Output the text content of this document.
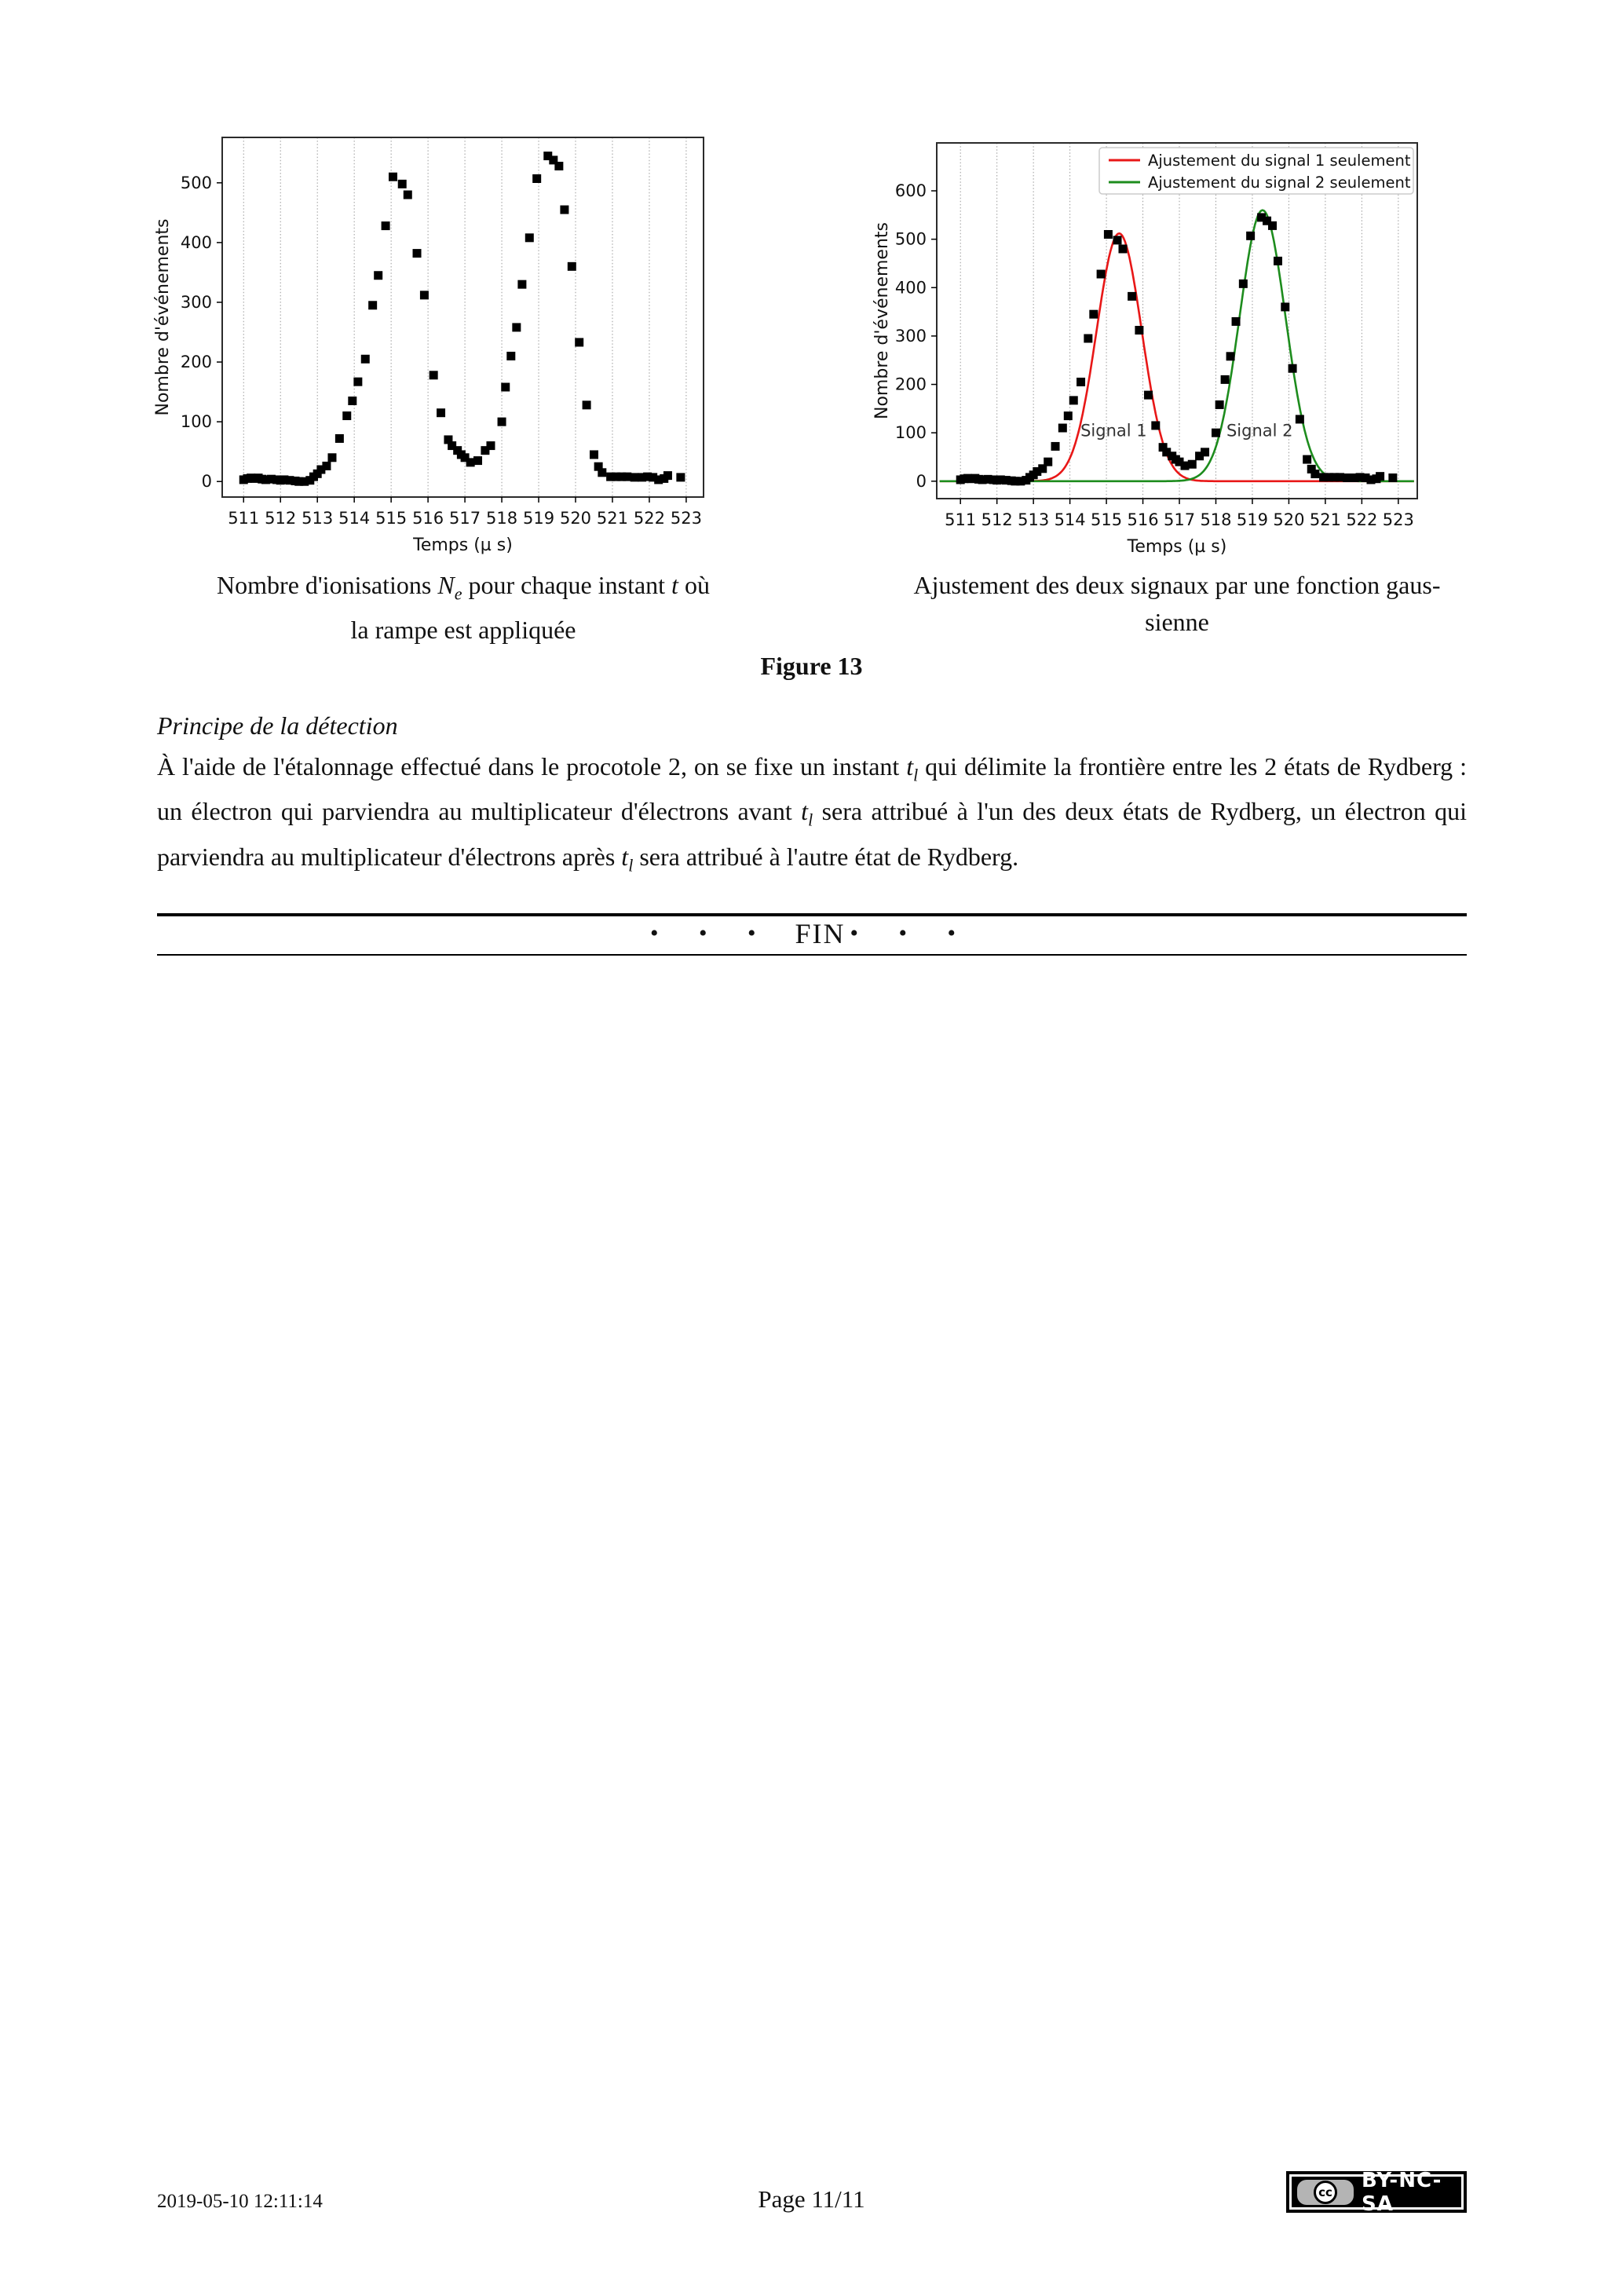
511 512 513 514 515 516 517 518 519 520 521 522 523
0
100
200
300
400
500
Temps (µ s)
Nombre d'événements
511 512 513 514 515 516 517 518 519 520 521 522 523
0
100
200
300
400
500
600
Temps (µ s)
Nombre d'événements
Signal 1	Signal 2
Ajustement du signal 1 seulement
Ajustement du signal 2 seulement
Nombre d'ionisations $N_e$ pour chaque instant t où
la rampe est appliquée
Ajustement des deux signaux par une fonction gaus-
sienne
Figure 13
Principe de la détection
À l'aide de l'étalonnage effectué dans le procotole 2, on se fixe un instant $t_l$ qui délimite la frontière entre les 2 états de Rydberg : un électron qui parviendra au multiplicateur d'électrons avant $t_l$ sera attribué à l'un des deux états de Rydberg, un électron qui parviendra au multiplicateur d'électrons après $t_l$ sera attribué à l'autre état de Rydberg.
• • • FIN • • •
2019-05-10 12:11:14	Page 11/11	cc BY-NC-SA
